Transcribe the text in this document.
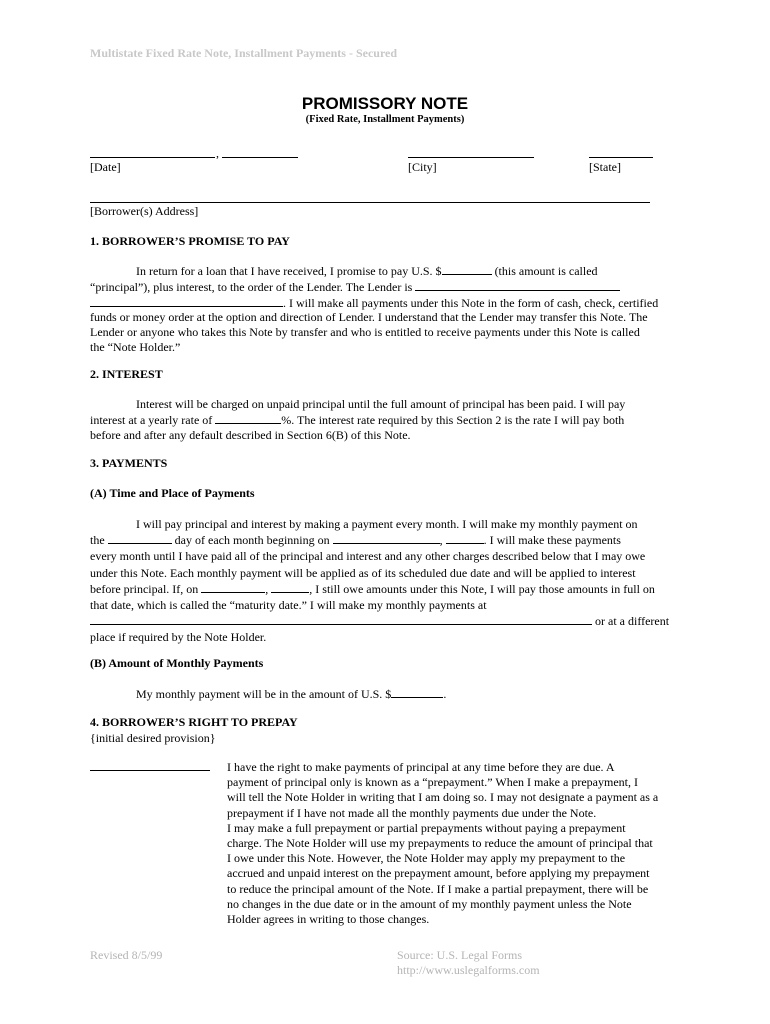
Multistate Fixed Rate Note, Installment Payments - Secured
PROMISSORY NOTE
(Fixed Rate, Installment Payments)
,
[Date]	[City]	[State]
[Borrower(s) Address]
1. BORROWER’S PROMISE TO PAY

In return for a loan that I have received, I promise to pay U.S. $	(this amount is called

“principal”), plus interest, to the order of the Lender. The Lender is

. I will make all payments under this Note in the form of cash, check, certified

funds or money order at the option and direction of Lender. I understand that the Lender may transfer this Note. The

Lender or anyone who takes this Note by transfer and who is entitled to receive payments under this Note is called

the “Note Holder.”

2. INTEREST

Interest will be charged on unpaid principal until the full amount of principal has been paid. I will pay

interest at a yearly rate of	%. The interest rate required by this Section 2 is the rate I will pay both

before and after any default described in Section 6(B) of this Note.

3. PAYMENTS
(A) Time and Place of Payments

I will pay principal and interest by making a payment every month. I will make my monthly payment on

the	day of each month beginning on	,	. I will make these payments

every month until I have paid all of the principal and interest and any other charges described below that I may owe

under this Note. Each monthly payment will be applied as of its scheduled due date and will be applied to interest

before principal. If, on	,	, I still owe amounts under this Note, I will pay those amounts in full on

that date, which is called the “maturity date.” I will make my monthly payments at

or at a different

place if required by the Note Holder.

(B) Amount of Monthly Payments

My monthly payment will be in the amount of U.S. $	.

4. BORROWER’S RIGHT TO PREPAY
{initial desired provision}

I have the right to make payments of principal at any time before they are due. A

payment of principal only is known as a “prepayment.” When I make a prepayment, I

will tell the Note Holder in writing that I am doing so. I may not designate a payment as a

prepayment if I have not made all the monthly payments due under the Note.

I may make a full prepayment or partial prepayments without paying a prepayment

charge. The Note Holder will use my prepayments to reduce the amount of principal that

I owe under this Note. However, the Note Holder may apply my prepayment to the

accrued and unpaid interest on the prepayment amount, before applying my prepayment

to reduce the principal amount of the Note. If I make a partial prepayment, there will be

no changes in the due date or in the amount of my monthly payment unless the Note

Holder agrees in writing to those changes.

Revised 8/5/99	Source: U.S. Legal Forms
http://www.uslegalforms.com
